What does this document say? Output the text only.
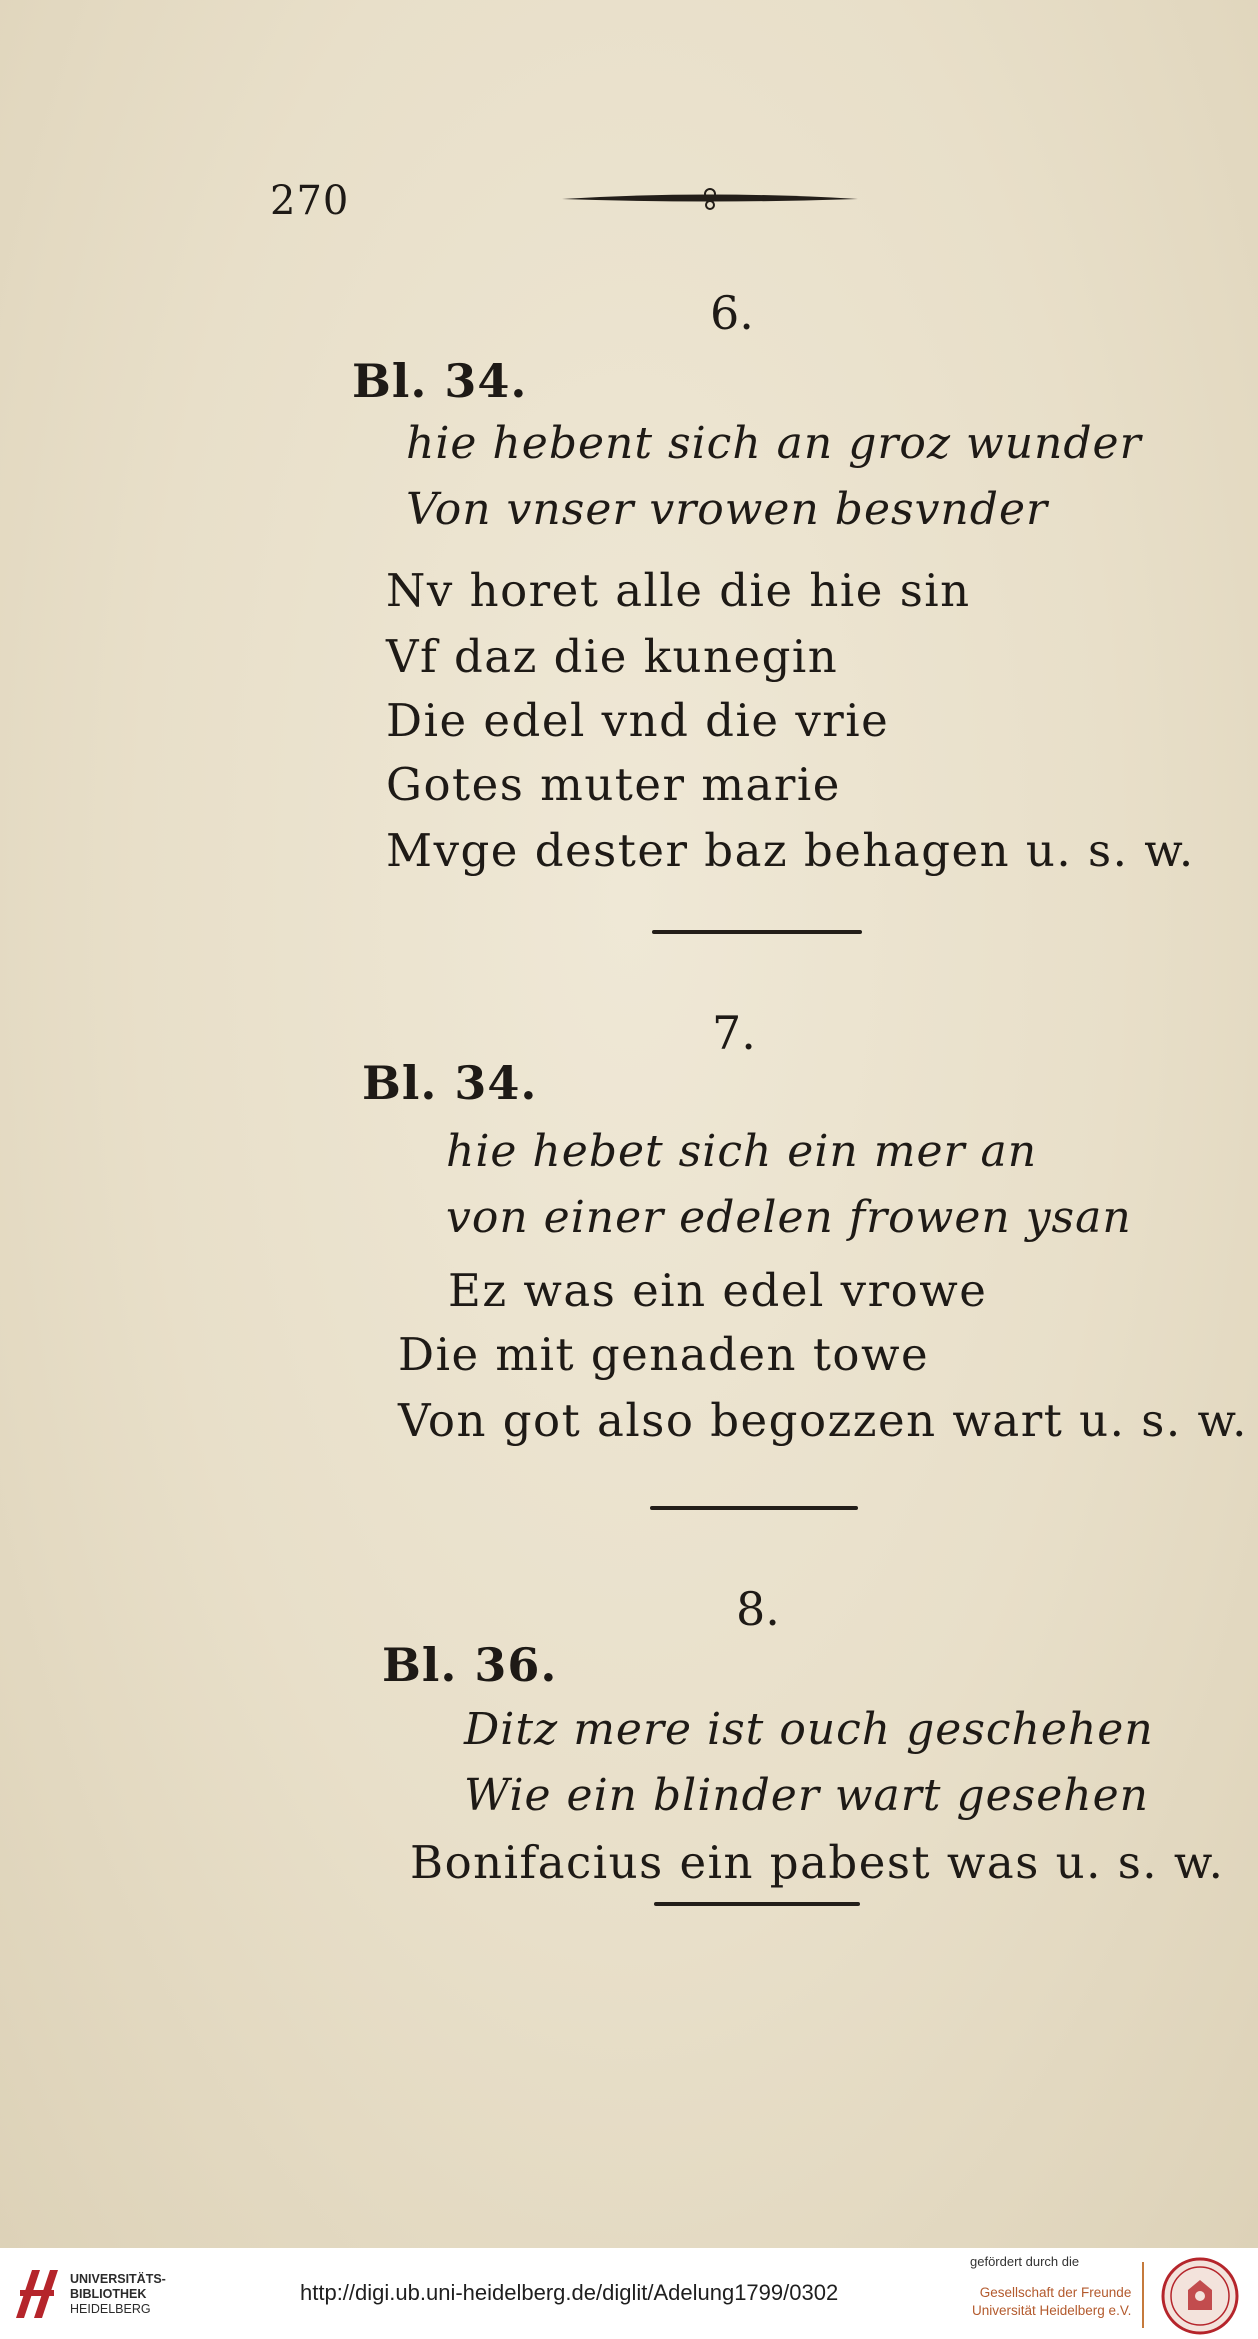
270
6.
Bl. 34.
hie hebent sich an groz wunder
Von vnser vrowen besvnder
Nv horet alle die hie sin
Vf daz die kunegin
Die edel vnd die vrie
Gotes muter marie
Mvge dester baz behagen u. s. w.
7.
Bl. 34.
hie hebet sich ein mer an
von einer edelen frowen ysan
Ez was ein edel vrowe
Die mit genaden towe
Von got also begozzen wart u. s. w.
8.
Bl. 36.
Ditz mere ist ouch geschehen
Wie ein blinder wart gesehen
Bonifacius ein pabest was u. s. w.
UNIVERSITÄTS-
BIBLIOTHEK
HEIDELBERG
http://digi.ub.uni-heidelberg.de/diglit/Adelung1799/0302
gefördert durch die
Gesellschaft der Freunde
Universität Heidelberg e.V.
